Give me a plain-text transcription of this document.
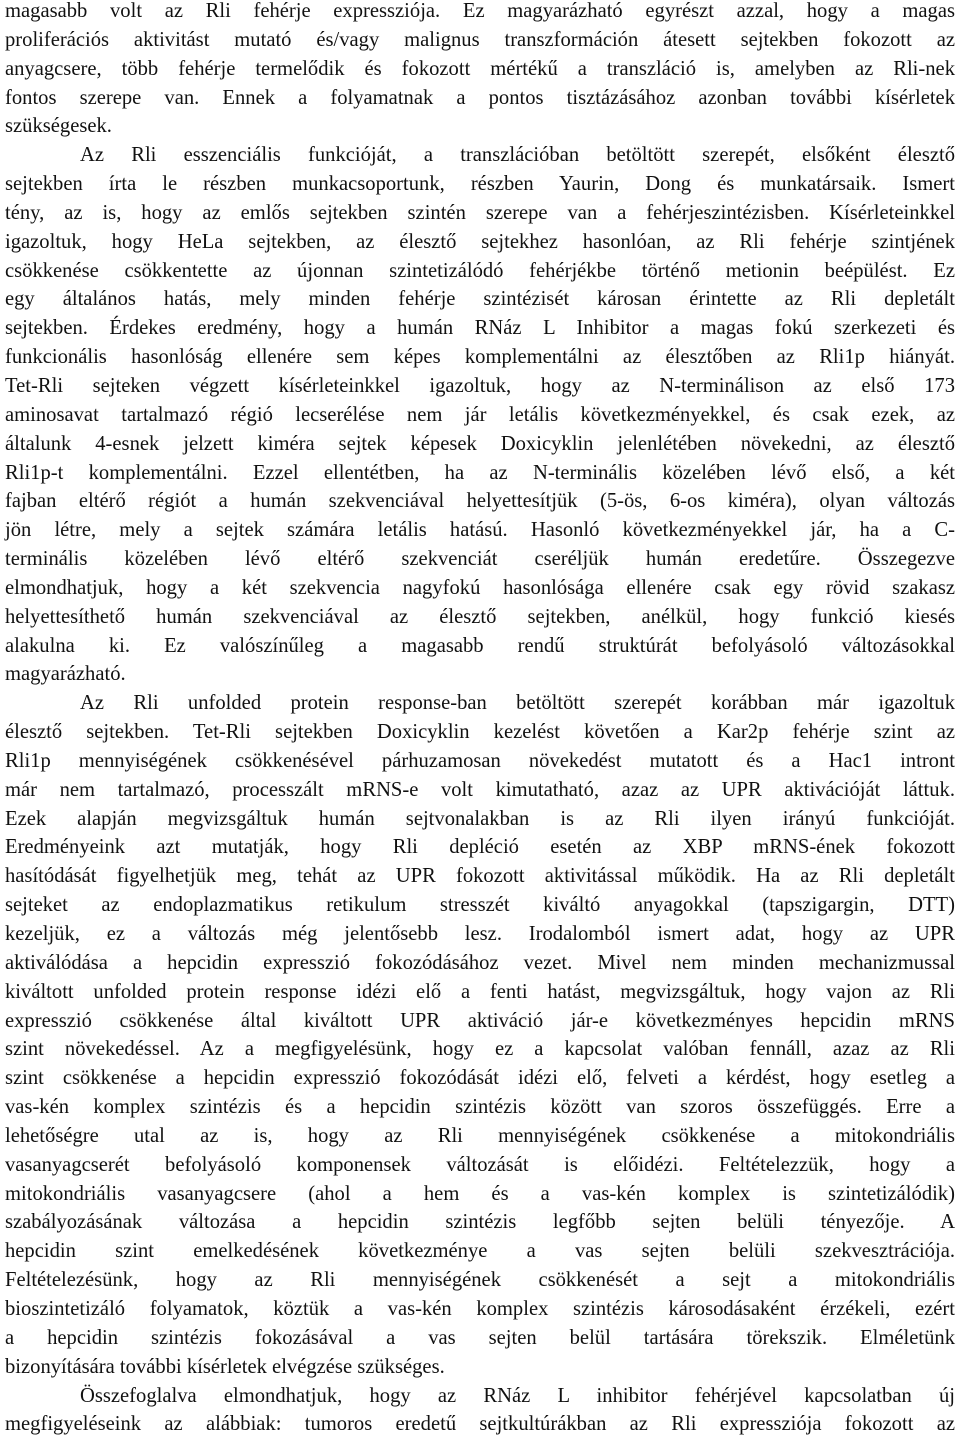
magasabb volt az Rli fehérje expressziója. Ez magyarázható egyrészt azzal, hogy a magas
proliferációs aktivitást mutató és/vagy malignus transzformáción átesett sejtekben fokozott az
anyagcsere, több fehérje termelődik és fokozott mértékű a transzláció is, amelyben az Rli-nek
fontos szerepe van. Ennek a folyamatnak a pontos tisztázásához azonban további kísérletek
szükségesek.
Az Rli esszenciális funkcióját, a transzlációban betöltött szerepét, elsőként élesztő
sejtekben írta le részben munkacsoportunk, részben Yaurin, Dong és munkatársaik. Ismert
tény, az is, hogy az emlős sejtekben szintén szerepe van a fehérjeszintézisben. Kísérleteinkkel
igazoltuk, hogy HeLa sejtekben, az élesztő sejtekhez hasonlóan, az Rli fehérje szintjének
csökkenése csökkentette az újonnan szintetizálódó fehérjékbe történő metionin beépülést. Ez
egy általános hatás, mely minden fehérje szintézisét károsan érintette az Rli depletált
sejtekben. Érdekes eredmény, hogy a humán RNáz L Inhibitor a magas fokú szerkezeti és
funkcionális hasonlóság ellenére sem képes komplementálni az élesztőben az Rli1p hiányát.
Tet-Rli sejteken végzett kísérleteinkkel igazoltuk, hogy az N-terminálison az első 173
aminosavat tartalmazó régió lecserélése nem jár letális következményekkel, és csak ezek, az
általunk 4-esnek jelzett kiméra sejtek képesek Doxicyklin jelenlétében növekedni, az élesztő
Rli1p-t komplementálni. Ezzel ellentétben, ha az N-terminális közelében lévő első, a két
fajban eltérő régiót a humán szekvenciával helyettesítjük (5-ös, 6-os kiméra), olyan változás
jön létre, mely a sejtek számára letális hatású. Hasonló következményekkel jár, ha a C-
terminális közelében lévő eltérő szekvenciát cseréljük humán eredetűre. Összegezve
elmondhatjuk, hogy a két szekvencia nagyfokú hasonlósága ellenére csak egy rövid szakasz
helyettesíthető humán szekvenciával az élesztő sejtekben, anélkül, hogy funkció kiesés
alakulna ki. Ez valószínűleg a magasabb rendű struktúrát befolyásoló változásokkal
magyarázható.
Az Rli unfolded protein response-ban betöltött szerepét korábban már igazoltuk
élesztő sejtekben. Tet-Rli sejtekben Doxicyklin kezelést követően a Kar2p fehérje szint az
Rli1p mennyiségének csökkenésével párhuzamosan növekedést mutatott és a Hac1 intront
már nem tartalmazó, processzált mRNS-e volt kimutatható, azaz az UPR aktivációját láttuk.
Ezek alapján megvizsgáltuk humán sejtvonalakban is az Rli ilyen irányú funkcióját.
Eredményeink azt mutatják, hogy Rli depléció esetén az XBP mRNS-ének fokozott
hasítódását figyelhetjük meg, tehát az UPR fokozott aktivitással működik. Ha az Rli depletált
sejteket az endoplazmatikus retikulum stresszét kiváltó anyagokkal (tapszigargin, DTT)
kezeljük, ez a változás még jelentősebb lesz. Irodalomból ismert adat, hogy az UPR
aktiválódása a hepcidin expresszió fokozódásához vezet. Mivel nem minden mechanizmussal
kiváltott unfolded protein response idézi elő a fenti hatást, megvizsgáltuk, hogy vajon az Rli
expresszió csökkenése által kiváltott UPR aktiváció jár-e következményes hepcidin mRNS
szint növekedéssel. Az a megfigyelésünk, hogy ez a kapcsolat valóban fennáll, azaz az Rli
szint csökkenése a hepcidin expresszió fokozódását idézi elő, felveti a kérdést, hogy esetleg a
vas-kén komplex szintézis és a hepcidin szintézis között van szoros összefüggés. Erre a
lehetőségre utal az is, hogy az Rli mennyiségének csökkenése a mitokondriális
vasanyagcserét befolyásoló komponensek változását is előidézi. Feltételezzük, hogy a
mitokondriális vasanyagcsere (ahol a hem és a vas-kén komplex is szintetizálódik)
szabályozásának változása a hepcidin szintézis legfőbb sejten belüli tényezője. A
hepcidin szint emelkedésének következménye a vas sejten belüli szekvesztrációja.
Feltételezésünk, hogy az Rli mennyiségének csökkenését a sejt a mitokondriális
bioszintetizáló folyamatok, köztük a vas-kén komplex szintézis károsodásaként érzékeli, ezért
a hepcidin szintézis fokozásával a vas sejten belül tartására törekszik. Elméletünk
bizonyítására további kísérletek elvégzése szükséges.
Összefoglalva elmondhatjuk, hogy az RNáz L inhibitor fehérjével kapcsolatban új
megfigyeléseink az alábbiak: tumoros eredetű sejtkultúrákban az Rli expressziója fokozott az
